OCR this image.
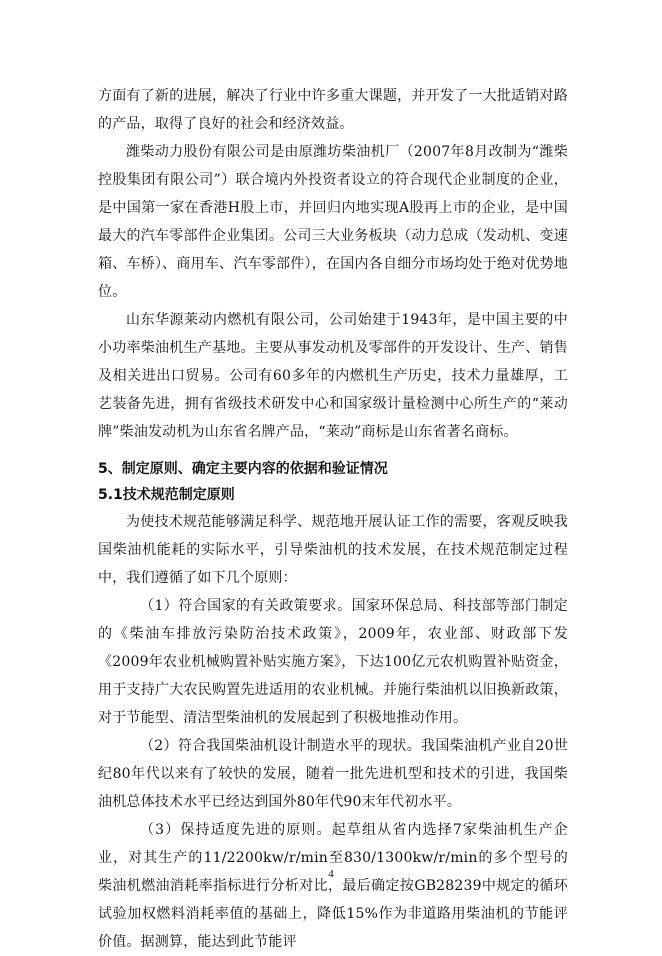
方面有了新的进展，解决了行业中许多重大课题，并开发了一大批适销对路的产品，取得了良好的社会和经济效益。

潍柴动力股份有限公司是由原潍坊柴油机厂（2007年8月改制为“潍柴控股集团有限公司”）联合境内外投资者设立的符合现代企业制度的企业，是中国第一家在香港H股上市，并回归内地实现A股再上市的企业，是中国最大的汽车零部件企业集团。公司三大业务板块（动力总成（发动机、变速箱、车桥）、商用车、汽车零部件），在国内各自细分市场均处于绝对优势地位。

山东华源莱动内燃机有限公司，公司始建于1943年，是中国主要的中小功率柴油机生产基地。主要从事发动机及零部件的开发设计、生产、销售及相关进出口贸易。公司有60多年的内燃机生产历史，技术力量雄厚，工艺装备先进，拥有省级技术研发中心和国家级计量检测中心所生产的“莱动牌”柴油发动机为山东省名牌产品，“莱动”商标是山东省著名商标。

5、制定原则、确定主要内容的依据和验证情况

5.1技术规范制定原则

为使技术规范能够满足科学、规范地开展认证工作的需要，客观反映我国柴油机能耗的实际水平，引导柴油机的技术发展，在技术规范制定过程中，我们遵循了如下几个原则：

（1）符合国家的有关政策要求。国家环保总局、科技部等部门制定的《柴油车排放污染防治技术政策》，2009年，农业部、财政部下发《2009年农业机械购置补贴实施方案》，下达100亿元农机购置补贴资金，用于支持广大农民购置先进适用的农业机械。并施行柴油机以旧换新政策，对于节能型、清洁型柴油机的发展起到了积极地推动作用。

（2）符合我国柴油机设计制造水平的现状。我国柴油机产业自20世纪80年代以来有了较快的发展，随着一批先进机型和技术的引进，我国柴油机总体技术水平已经达到国外80年代90末年代初水平。

（3）保持适度先进的原则。起草组从省内选择7家柴油机生产企业，对其生产的11/2200kw/r/min至830/1300kw/r/min的多个型号的柴油机燃油消耗率指标进行分析对比，最后确定按GB28239中规定的循环试验加权燃料消耗率值的基础上，降低15%作为非道路用柴油机的节能评价值。据测算，能达到此节能评

4
